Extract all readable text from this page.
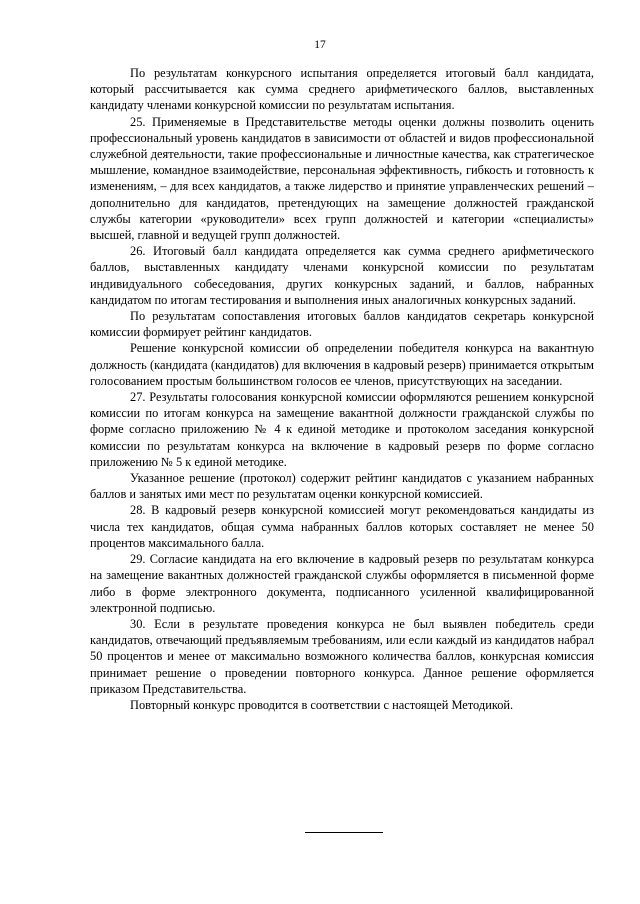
17

По результатам конкурсного испытания определяется итоговый балл кандидата, который рассчитывается как сумма среднего арифметического баллов, выставленных кандидату членами конкурсной комиссии по результатам испытания.

25. Применяемые в Представительстве методы оценки должны позволить оценить профессиональный уровень кандидатов в зависимости от областей и видов профессиональной служебной деятельности, такие профессиональные и личностные качества, как стратегическое мышление, командное взаимодействие, персональная эффективность, гибкость и готовность к изменениям, – для всех кандидатов, а также лидерство и принятие управленческих решений – дополнительно для кандидатов, претендующих на замещение должностей гражданской службы категории «руководители» всех групп должностей и категории «специалисты» высшей, главной и ведущей групп должностей.

26. Итоговый балл кандидата определяется как сумма среднего арифметического баллов, выставленных кандидату членами конкурсной комиссии по результатам индивидуального собеседования, других конкурсных заданий, и баллов, набранных кандидатом по итогам тестирования и выполнения иных аналогичных конкурсных заданий.

По результатам сопоставления итоговых баллов кандидатов секретарь конкурсной комиссии формирует рейтинг кандидатов.

Решение конкурсной комиссии об определении победителя конкурса на вакантную должность (кандидата (кандидатов) для включения в кадровый резерв) принимается открытым голосованием простым большинством голосов ее членов, присутствующих на заседании.

27. Результаты голосования конкурсной комиссии оформляются решением конкурсной комиссии по итогам конкурса на замещение вакантной должности гражданской службы по форме согласно приложению № 4 к единой методике и протоколом заседания конкурсной комиссии по результатам конкурса на включение в кадровый резерв по форме согласно приложению № 5 к единой методике.

Указанное решение (протокол) содержит рейтинг кандидатов с указанием набранных баллов и занятых ими мест по результатам оценки конкурсной комиссией.

28. В кадровый резерв конкурсной комиссией могут рекомендоваться кандидаты из числа тех кандидатов, общая сумма набранных баллов которых составляет не менее 50 процентов максимального балла.

29. Согласие кандидата на его включение в кадровый резерв по результатам конкурса на замещение вакантных должностей гражданской службы оформляется в письменной форме либо в форме электронного документа, подписанного усиленной квалифицированной электронной подписью.

30. Если в результате проведения конкурса не был выявлен победитель среди кандидатов, отвечающий предъявляемым требованиям, или если каждый из кандидатов набрал 50 процентов и менее от максимально возможного количества баллов, конкурсная комиссия принимает решение о проведении повторного конкурса. Данное решение оформляется приказом Представительства.

Повторный конкурс проводится в соответствии с настоящей Методикой.
